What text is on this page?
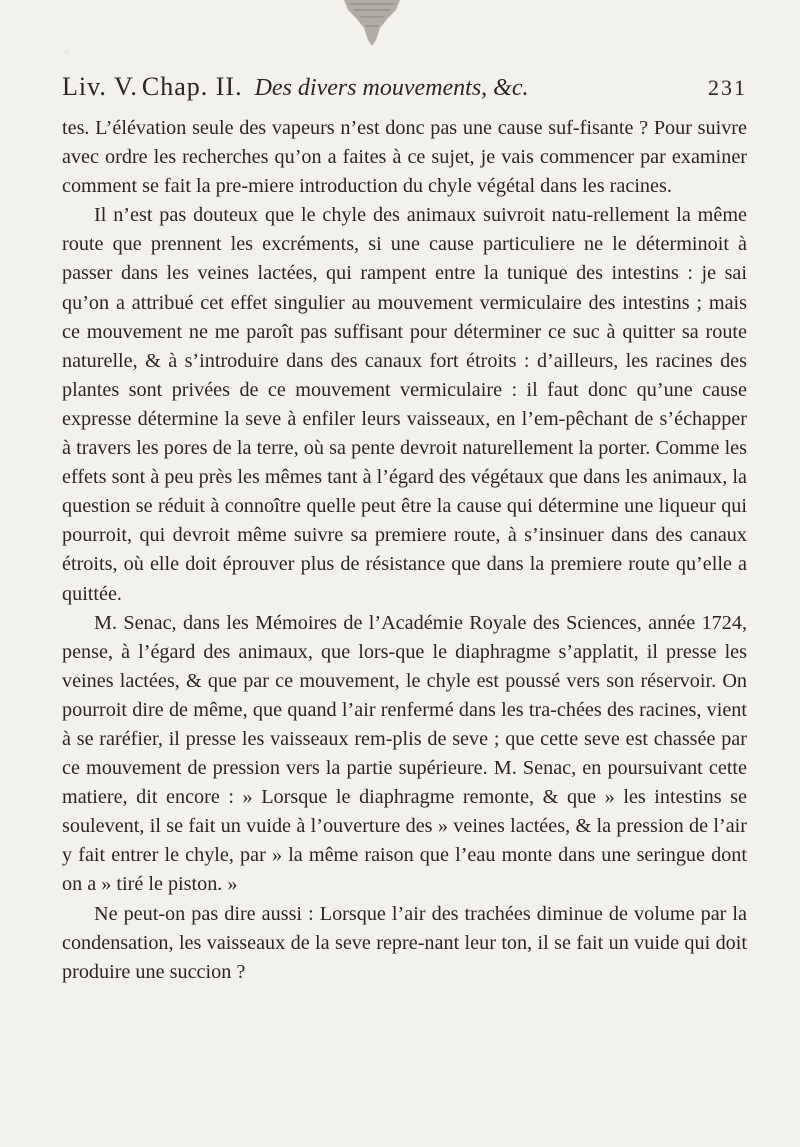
Liv. V. Chap. II. Des divers mouvements, &c.	231

tes. L’élévation seule des vapeurs n’est donc pas une cause suf-fisante ? Pour suivre avec ordre les recherches qu’on a faites à ce sujet, je vais commencer par examiner comment se fait la pre-miere introduction du chyle végétal dans les racines.

Il n’est pas douteux que le chyle des animaux suivroit natu-rellement la même route que prennent les excréments, si une cause particuliere ne le déterminoit à passer dans les veines lactées, qui rampent entre la tunique des intestins : je sai qu’on a attribué cet effet singulier au mouvement vermiculaire des intestins ; mais ce mouvement ne me paroît pas suffisant pour déterminer ce suc à quitter sa route naturelle, & à s’introduire dans des canaux fort étroits : d’ailleurs, les racines des plantes sont privées de ce mouvement vermiculaire : il faut donc qu’une cause expresse détermine la seve à enfiler leurs vaisseaux, en l’em-pêchant de s’échapper à travers les pores de la terre, où sa pente devroit naturellement la porter. Comme les effets sont à peu près les mêmes tant à l’égard des végétaux que dans les animaux, la question se réduit à connoître quelle peut être la cause qui détermine une liqueur qui pourroit, qui devroit même suivre sa premiere route, à s’insinuer dans des canaux étroits, où elle doit éprouver plus de résistance que dans la premiere route qu’elle a quittée.

M. Senac, dans les Mémoires de l’Académie Royale des Sciences, année 1724, pense, à l’égard des animaux, que lors-que le diaphragme s’applatit, il presse les veines lactées, & que par ce mouvement, le chyle est poussé vers son réservoir. On pourroit dire de même, que quand l’air renfermé dans les tra-chées des racines, vient à se raréfier, il presse les vaisseaux rem-plis de seve ; que cette seve est chassée par ce mouvement de pression vers la partie supérieure. M. Senac, en poursuivant cette matiere, dit encore : » Lorsque le diaphragme remonte, & que » les intestins se soulevent, il se fait un vuide à l’ouverture des » veines lactées, & la pression de l’air y fait entrer le chyle, par » la même raison que l’eau monte dans une seringue dont on a » tiré le piston. »

Ne peut-on pas dire aussi : Lorsque l’air des trachées diminue de volume par la condensation, les vaisseaux de la seve repre-nant leur ton, il se fait un vuide qui doit produire une succion ?
